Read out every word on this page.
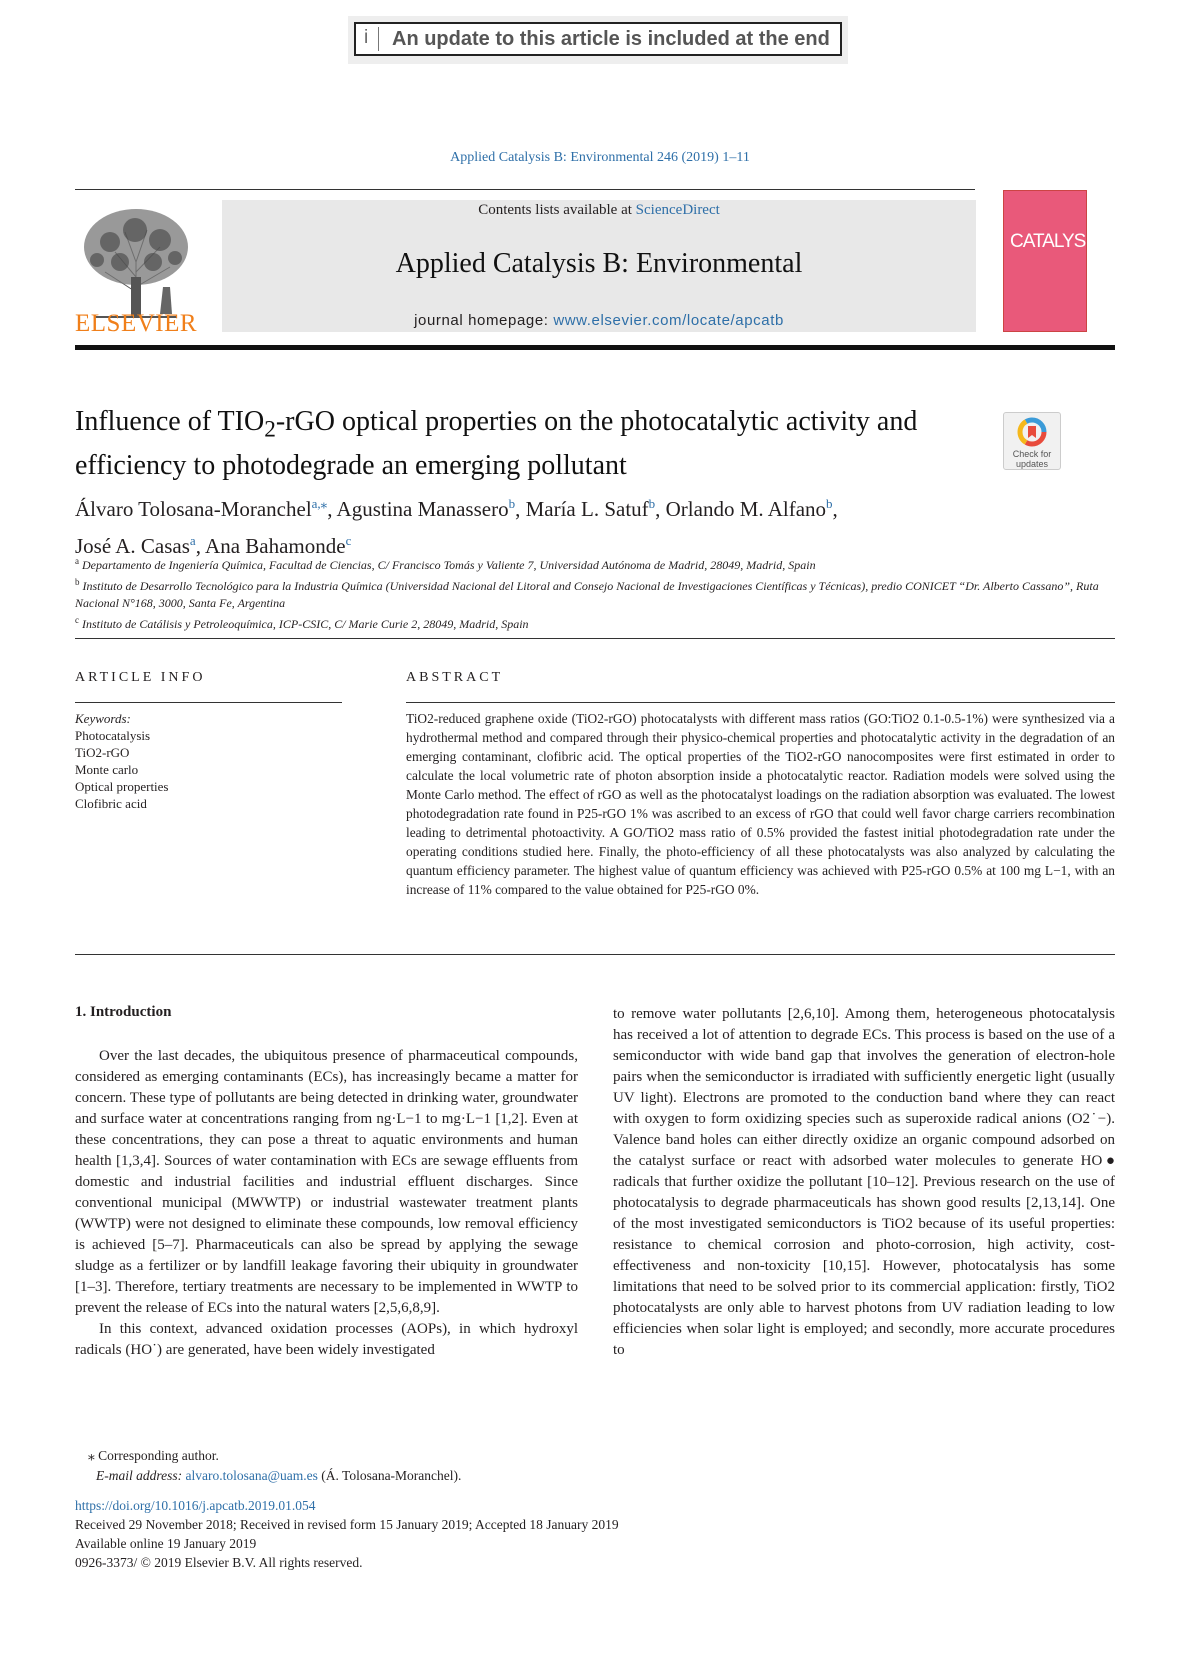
i	An update to this article is included at the end
Applied Catalysis B: Environmental 246 (2019) 1–11
ELSEVIER
Contents lists available at ScienceDirect
Applied Catalysis B: Environmental
journal homepage: www.elsevier.com/locate/apcatb
CATALYSIS
Influence of $TIO_2$-rGO optical properties on the photocatalytic activity and efficiency to photodegrade an emerging pollutant	Check for
updates
Álvaro Tolosana-Moranchel$^{a,⁎}$, Agustina Manassero$^b$, María L. Satuf$^b$, Orlando M. Alfano$^b$,
José A. Casas$^a$, Ana Bahamonde$^c$
$^a$ Departamento de Ingeniería Química, Facultad de Ciencias, C/ Francisco Tomás y Valiente 7, Universidad Autónoma de Madrid, 28049, Madrid, Spain
$^b$ Instituto de Desarrollo Tecnológico para la Industria Química (Universidad Nacional del Litoral and Consejo Nacional de Investigaciones Científicas y Técnicas), predio CONICET “Dr. Alberto Cassano”, Ruta Nacional N°168, 3000, Santa Fe, Argentina
$^c$ Instituto de Catálisis y Petroleoquímica, ICP-CSIC, C/ Marie Curie 2, 28049, Madrid, Spain
ARTICLE INFO	ABSTRACT
Keywords:
Photocatalysis
TiO2-rGO
Monte carlo
Optical properties
Clofibric acid
TiO2-reduced graphene oxide (TiO2-rGO) photocatalysts with different mass ratios (GO:TiO2 0.1-0.5-1%) were synthesized via a hydrothermal method and compared through their physico-chemical properties and photocatalytic activity in the degradation of an emerging contaminant, clofibric acid. The optical properties of the TiO2-rGO nanocomposites were first estimated in order to calculate the local volumetric rate of photon absorption inside a photocatalytic reactor. Radiation models were solved using the Monte Carlo method. The effect of rGO as well as the photocatalyst loadings on the radiation absorption was evaluated. The lowest photodegradation rate found in P25-rGO 1% was ascribed to an excess of rGO that could well favor charge carriers recombination leading to detrimental photoactivity. A GO/TiO2 mass ratio of 0.5% provided the fastest initial photodegradation rate under the operating conditions studied here. Finally, the photo-efficiency of all these photocatalysts was also analyzed by calculating the quantum efficiency parameter. The highest value of quantum efficiency was achieved with P25-rGO 0.5% at 100 mg L−1, with an increase of 11% compared to the value obtained for P25-rGO 0%.
1. Introduction

Over the last decades, the ubiquitous presence of pharmaceutical compounds, considered as emerging contaminants (ECs), has increasingly became a matter for concern. These type of pollutants are being detected in drinking water, groundwater and surface water at concentrations ranging from ng·L−1 to mg·L−1 [1,2]. Even at these concentrations, they can pose a threat to aquatic environments and human health [1,3,4]. Sources of water contamination with ECs are sewage effluents from domestic and industrial facilities and industrial effluent discharges. Since conventional municipal (MWWTP) or industrial wastewater treatment plants (WWTP) were not designed to eliminate these compounds, low removal efficiency is achieved [5–7]. Pharmaceuticals can also be spread by applying the sewage sludge as a fertilizer or by landfill leakage favoring their ubiquity in groundwater [1–3]. Therefore, tertiary treatments are necessary to be implemented in WWTP to prevent the release of ECs into the natural waters [2,5,6,8,9].

In this context, advanced oxidation processes (AOPs), in which hydroxyl radicals (HO˙) are generated, have been widely investigated

to remove water pollutants [2,6,10]. Among them, heterogeneous photocatalysis has received a lot of attention to degrade ECs. This process is based on the use of a semiconductor with wide band gap that involves the generation of electron-hole pairs when the semiconductor is irradiated with sufficiently energetic light (usually UV light). Electrons are promoted to the conduction band where they can react with oxygen to form oxidizing species such as superoxide radical anions (O2˙−). Valence band holes can either directly oxidize an organic compound adsorbed on the catalyst surface or react with adsorbed water molecules to generate HO● radicals that further oxidize the pollutant [10–12]. Previous research on the use of photocatalysis to degrade pharmaceuticals has shown good results [2,13,14]. One of the most investigated semiconductors is TiO2 because of its useful properties: resistance to chemical corrosion and photo-corrosion, high activity, cost-effectiveness and non-toxicity [10,15]. However, photocatalysis has some limitations that need to be solved prior to its commercial application: firstly, TiO2 photocatalysts are only able to harvest photons from UV radiation leading to low efficiencies when solar light is employed; and secondly, more accurate procedures to

⁎ Corresponding author.
E-mail address: alvaro.tolosana@uam.es (Á. Tolosana-Moranchel).
https://doi.org/10.1016/j.apcatb.2019.01.054
Received 29 November 2018; Received in revised form 15 January 2019; Accepted 18 January 2019
Available online 19 January 2019
0926-3373/ © 2019 Elsevier B.V. All rights reserved.
